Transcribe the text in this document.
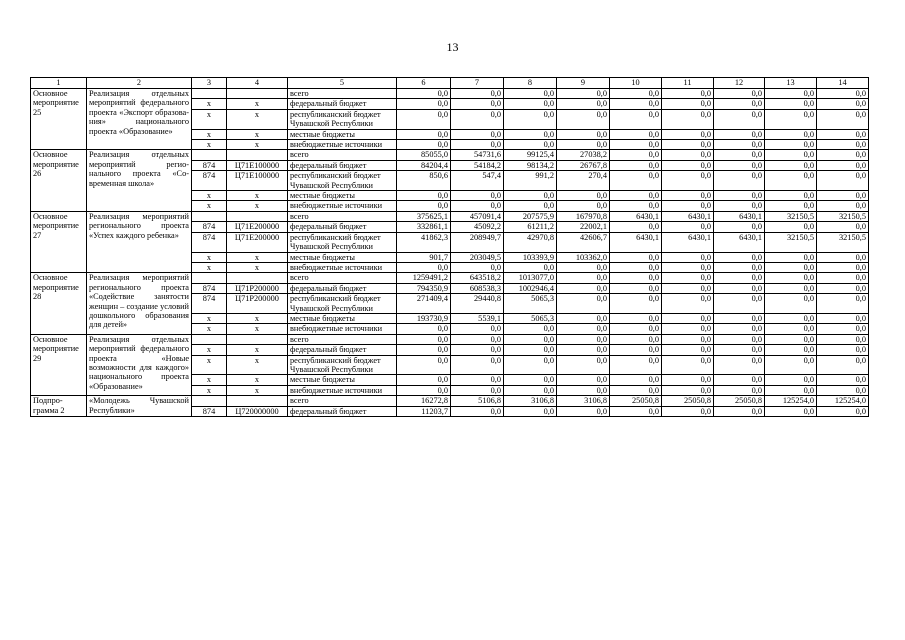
13
1	2	3	4	5	6	7	8	9	10	11	12	13	14
Основное мероприятие 25	Реализация отдельных мероприятий федерального проекта «Экспорт образования» национального проекта «Образование»			всего	0,0	0,0	0,0	0,0	0,0	0,0	0,0	0,0	0,0
		х	х	федеральный бюджет	0,0	0,0	0,0	0,0	0,0	0,0	0,0	0,0	0,0
		х	х	республиканский бюджет Чувашской Республики	0,0	0,0	0,0	0,0	0,0	0,0	0,0	0,0	0,0
		х	х	местные бюджеты	0,0	0,0	0,0	0,0	0,0	0,0	0,0	0,0	0,0
		х	х	внебюджетные источники	0,0	0,0	0,0	0,0	0,0	0,0	0,0	0,0	0,0
Основное мероприятие 26	Реализация отдельных мероприятий регионального проекта «Современная школа»			всего	85055,0	54731,6	99125,4	27038,2	0,0	0,0	0,0	0,0	0,0
		874	Ц71Е100000	федеральный бюджет	84204,4	54184,2	98134,2	26767,8	0,0	0,0	0,0	0,0	0,0
		874	Ц71Е100000	республиканский бюджет Чувашской Республики	850,6	547,4	991,2	270,4	0,0	0,0	0,0	0,0	0,0
		х	х	местные бюджеты	0,0	0,0	0,0	0,0	0,0	0,0	0,0	0,0	0,0
		х	х	внебюджетные источники	0,0	0,0	0,0	0,0	0,0	0,0	0,0	0,0	0,0
Основное мероприятие 27	Реализация мероприятий регионального проекта «Успех каждого ребенка»			всего	375625,1	457091,4	207575,9	167970,8	6430,1	6430,1	6430,1	32150,5	32150,5
		874	Ц71Е200000	федеральный бюджет	332861,1	45092,2	61211,2	22002,1	0,0	0,0	0,0	0,0	0,0
		874	Ц71Е200000	республиканский бюджет Чувашской Республики	41862,3	208949,7	42970,8	42606,7	6430,1	6430,1	6430,1	32150,5	32150,5
		х	х	местные бюджеты	901,7	203049,5	103393,9	103362,0	0,0	0,0	0,0	0,0	0,0
		х	х	внебюджетные источники	0,0	0,0	0,0	0,0	0,0	0,0	0,0	0,0	0,0
Основное мероприятие 28	Реализация мероприятий регионального проекта «Содействие занятости женщин – создание условий дошкольного образования для детей»			всего	1259491,2	643518,2	1013077,0	0,0	0,0	0,0	0,0	0,0	0,0
		874	Ц71Р200000	федеральный бюджет	794350,9	608538,3	1002946,4	0,0	0,0	0,0	0,0	0,0	0,0
		874	Ц71Р200000	республиканский бюджет Чувашской Республики	271409,4	29440,8	5065,3	0,0	0,0	0,0	0,0	0,0	0,0
		х	х	местные бюджеты	193730,9	5539,1	5065,3	0,0	0,0	0,0	0,0	0,0	0,0
		х	х	внебюджетные источники	0,0	0,0	0,0	0,0	0,0	0,0	0,0	0,0	0,0
Основное мероприятие 29	Реализация отдельных мероприятий федерального проекта «Новые возможности для каждого» национального проекта «Образование»			всего	0,0	0,0	0,0	0,0	0,0	0,0	0,0	0,0	0,0
		х	х	федеральный бюджет	0,0	0,0	0,0	0,0	0,0	0,0	0,0	0,0	0,0
		х	х	республиканский бюджет Чувашской Республики	0,0	0,0	0,0	0,0	0,0	0,0	0,0	0,0	0,0
		х	х	местные бюджеты	0,0	0,0	0,0	0,0	0,0	0,0	0,0	0,0	0,0
		х	х	внебюджетные источники	0,0	0,0	0,0	0,0	0,0	0,0	0,0	0,0	0,0
Подпрограмма 2	«Молодежь Чувашской Республики»			всего	16272,8	5106,8	3106,8	3106,8	25050,8	25050,8	25050,8	125254,0	125254,0
		874	Ц720000000	федеральный бюджет	11203,7	0,0	0,0	0,0	0,0	0,0	0,0	0,0	0,0
